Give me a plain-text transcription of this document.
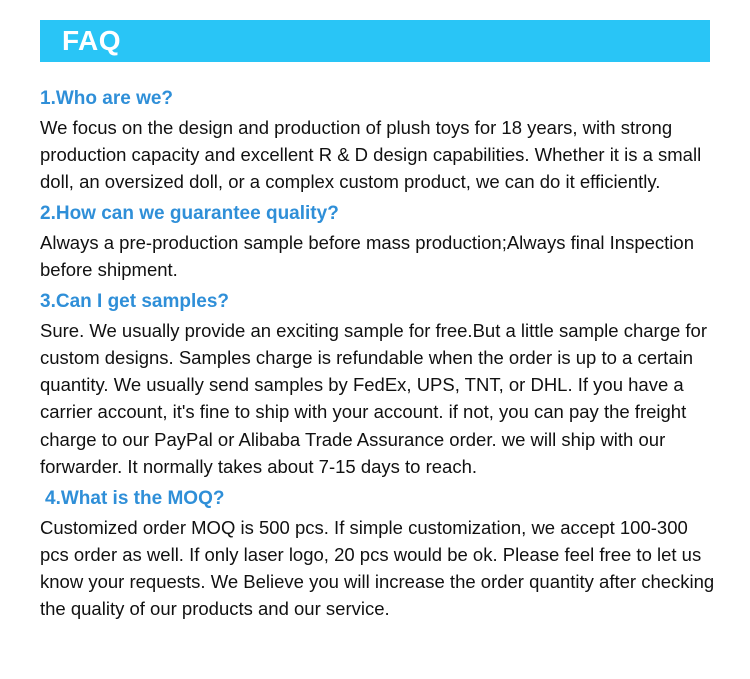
FAQ

1.Who are we?

We focus on the design and production of plush toys for 18 years, with strong production capacity and excellent R & D design capabilities. Whether it is a small doll, an oversized doll, or a complex custom product, we can do it efficiently.

2.How can we guarantee quality?

Always a pre-production sample before mass production;Always final Inspection before shipment.

3.Can I get samples?

Sure. We usually provide an exciting sample for free.But a little sample charge for custom designs. Samples charge is refundable when the order is up to a certain quantity. We usually send samples by FedEx, UPS, TNT, or DHL. If you have a carrier account, it's fine to ship with your account. if not, you can pay the freight charge to our PayPal or Alibaba Trade Assurance order. we will ship with our forwarder. It normally takes about 7-15 days to reach.

4.What is the MOQ?

Customized order MOQ is 500 pcs. If simple customization, we accept 100-300 pcs order as well. If only laser logo, 20 pcs would be ok. Please feel free to let us know your requests. We Believe you will increase the order quantity after checking the quality of our products and our service.
